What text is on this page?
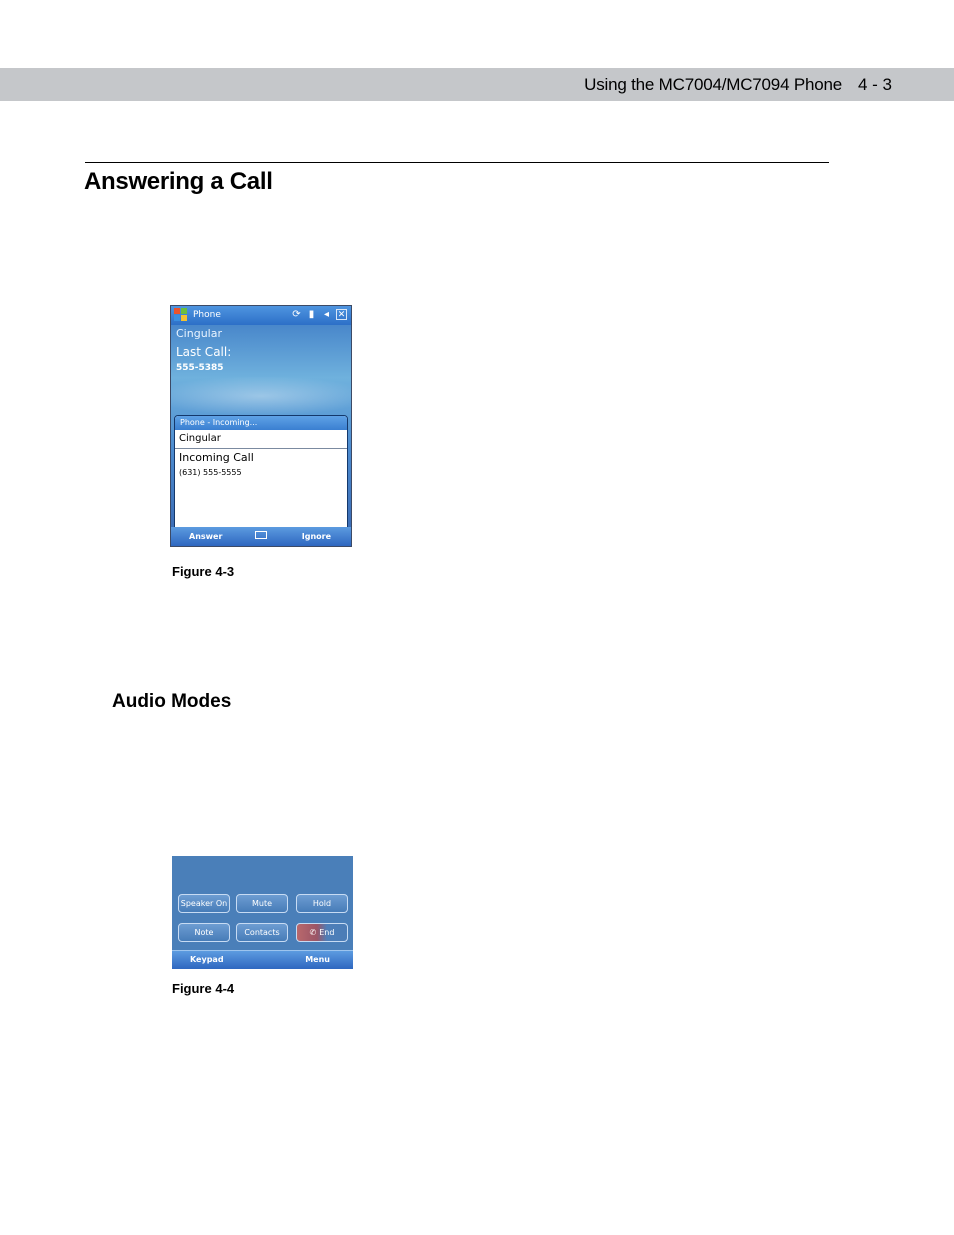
Using the MC7004/MC7094 Phone 4 - 3
Answering a Call
Phone	⟳ ▮ ◂ ✕
Cingular
Last Call:
555-5385
Phone - Incoming...
Cingular
Incoming Call
(631) 555-5555
Answer	Ignore
Figure 4-3
Audio Modes
Speaker On	Mute	Hold
Note	Contacts	✆ End
Keypad	Menu
Figure 4-4
